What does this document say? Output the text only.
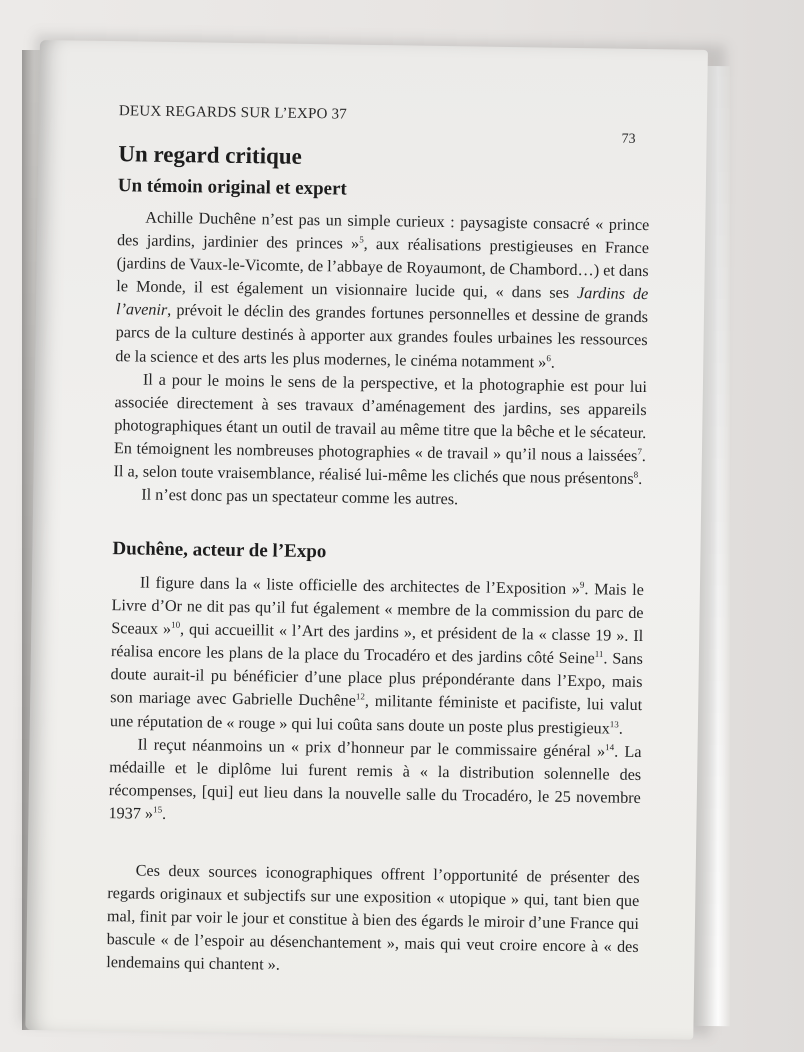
DEUX REGARDS SUR L’EXPO 37
73
Un regard critique
Un témoin original et expert

Achille Duchêne n’est pas un simple curieux : paysagiste consacré « prince des jardins, jardinier des princes »$^5$, aux réalisations prestigieuses en France (jardins de Vaux-le-Vicomte, de l’abbaye de Royaumont, de Chambord…) et dans le Monde, il est également un visionnaire lucide qui, « dans ses Jardins de l’avenir, prévoit le déclin des grandes fortunes personnelles et dessine de grands parcs de la culture destinés à apporter aux grandes foules urbaines les ressources de la science et des arts les plus modernes, le cinéma notamment »$^6$.

Il a pour le moins le sens de la perspective, et la photographie est pour lui associée directement à ses travaux d’aménagement des jardins, ses appareils photographiques étant un outil de travail au même titre que la bêche et le sécateur. En témoignent les nombreuses photographies « de travail » qu’il nous a laissées$^7$. Il a, selon toute vraisemblance, réalisé lui-même les clichés que nous présentons$^8$.

Il n’est donc pas un spectateur comme les autres.

Duchêne, acteur de l’Expo

Il figure dans la « liste officielle des architectes de l’Exposition »$^9$. Mais le Livre d’Or ne dit pas qu’il fut également « membre de la commission du parc de Sceaux »$^{10}$, qui accueillit « l’Art des jardins », et président de la « classe 19 ». Il réalisa encore les plans de la place du Trocadéro et des jardins côté Seine$^{11}$. Sans doute aurait-il pu bénéficier d’une place plus prépondérante dans l’Expo, mais son mariage avec Gabrielle Duchêne$^{12}$, militante féministe et pacifiste, lui valut une réputation de « rouge » qui lui coûta sans doute un poste plus prestigieux$^{13}$.

Il reçut néanmoins un « prix d’honneur par le commissaire général »$^{14}$. La médaille et le diplôme lui furent remis à « la distribution solennelle des récompenses, [qui] eut lieu dans la nouvelle salle du Trocadéro, le 25 novembre 1937 »$^{15}$.

Ces deux sources iconographiques offrent l’opportunité de présenter des regards originaux et subjectifs sur une exposition « utopique » qui, tant bien que mal, finit par voir le jour et constitue à bien des égards le miroir d’une France qui bascule « de l’espoir au désenchantement », mais qui veut croire encore à « des lendemains qui chantent ».
